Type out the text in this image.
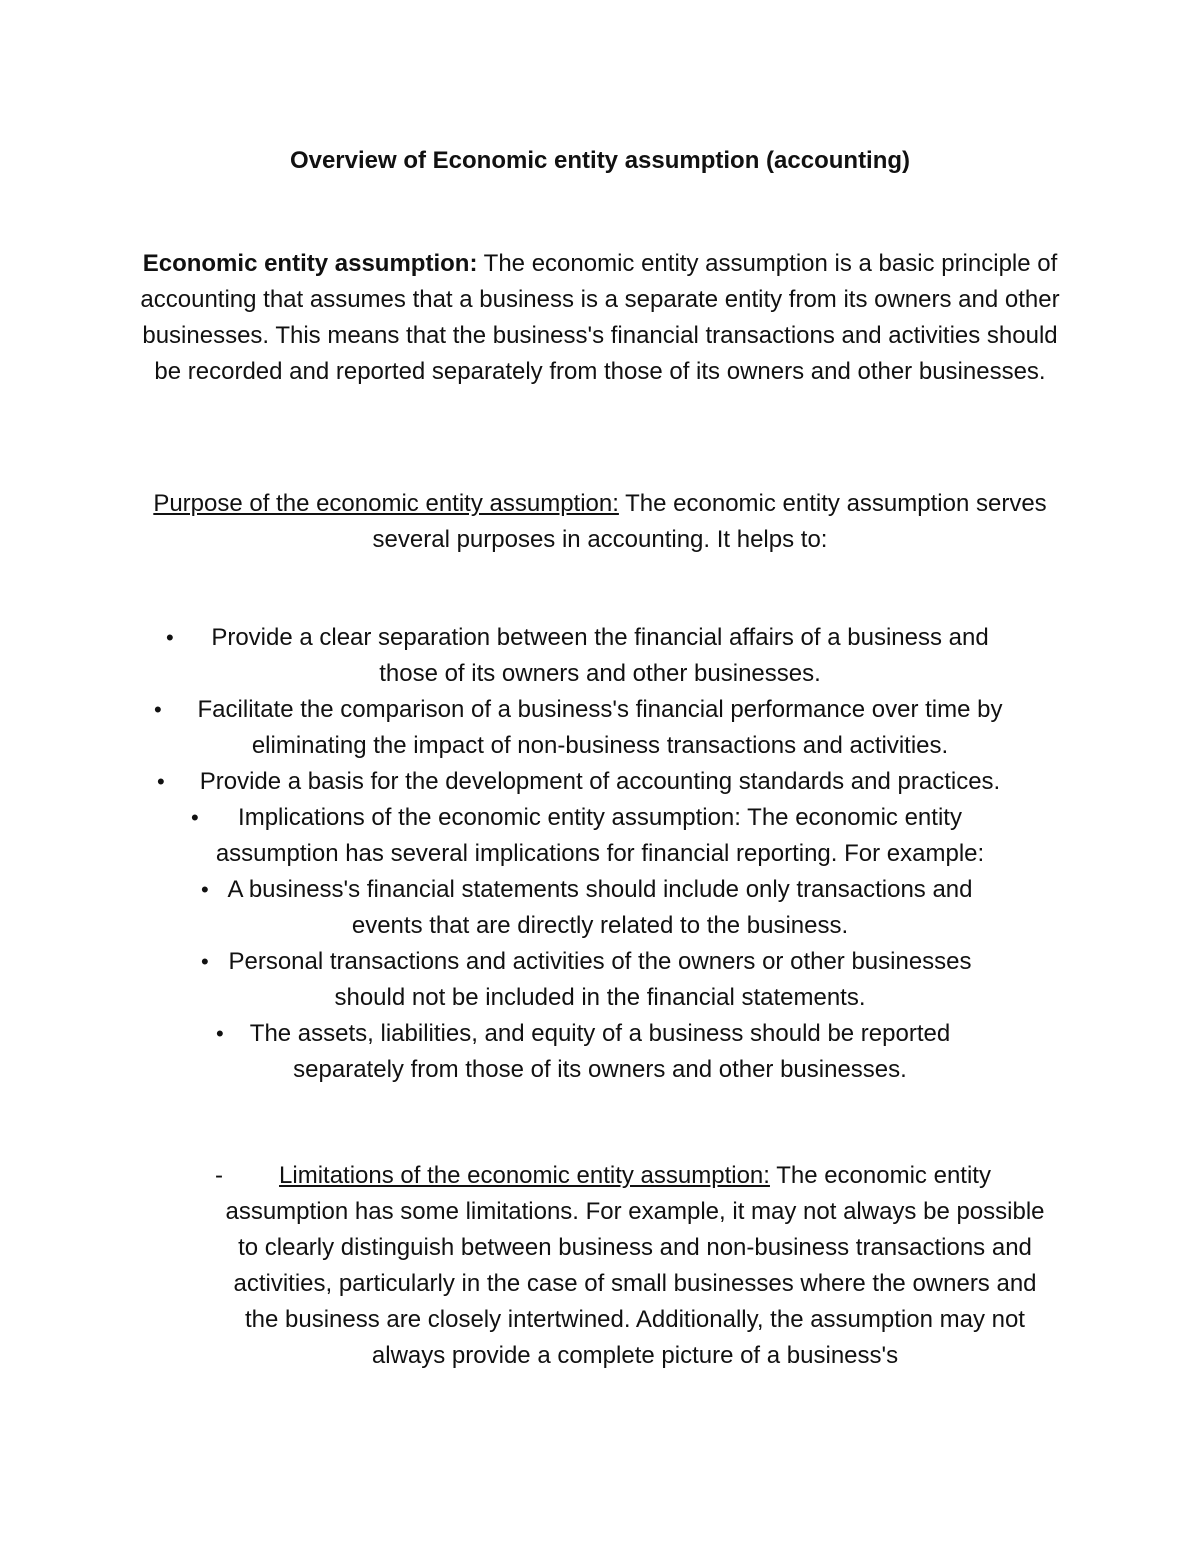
Overview of Economic entity assumption (accounting)

Economic entity assumption: The economic entity assumption is a basic principle of accounting that assumes that a business is a separate entity from its owners and other businesses. This means that the business's financial transactions and activities should be recorded and reported separately from those of its owners and other businesses.

Purpose of the economic entity assumption: The economic entity assumption serves several purposes in accounting. It helps to:

• Provide a clear separation between the financial affairs of a business and those of its owners and other businesses.
• Facilitate the comparison of a business's financial performance over time by eliminating the impact of non-business transactions and activities.
• Provide a basis for the development of accounting standards and practices.
• Implications of the economic entity assumption: The economic entity assumption has several implications for financial reporting. For example:
• A business's financial statements should include only transactions and events that are directly related to the business.
• Personal transactions and activities of the owners or other businesses should not be included in the financial statements.
• The assets, liabilities, and equity of a business should be reported separately from those of its owners and other businesses.

- Limitations of the economic entity assumption: The economic entity assumption has some limitations. For example, it may not always be possible to clearly distinguish between business and non-business transactions and activities, particularly in the case of small businesses where the owners and the business are closely intertwined. Additionally, the assumption may not always provide a complete picture of a business's
